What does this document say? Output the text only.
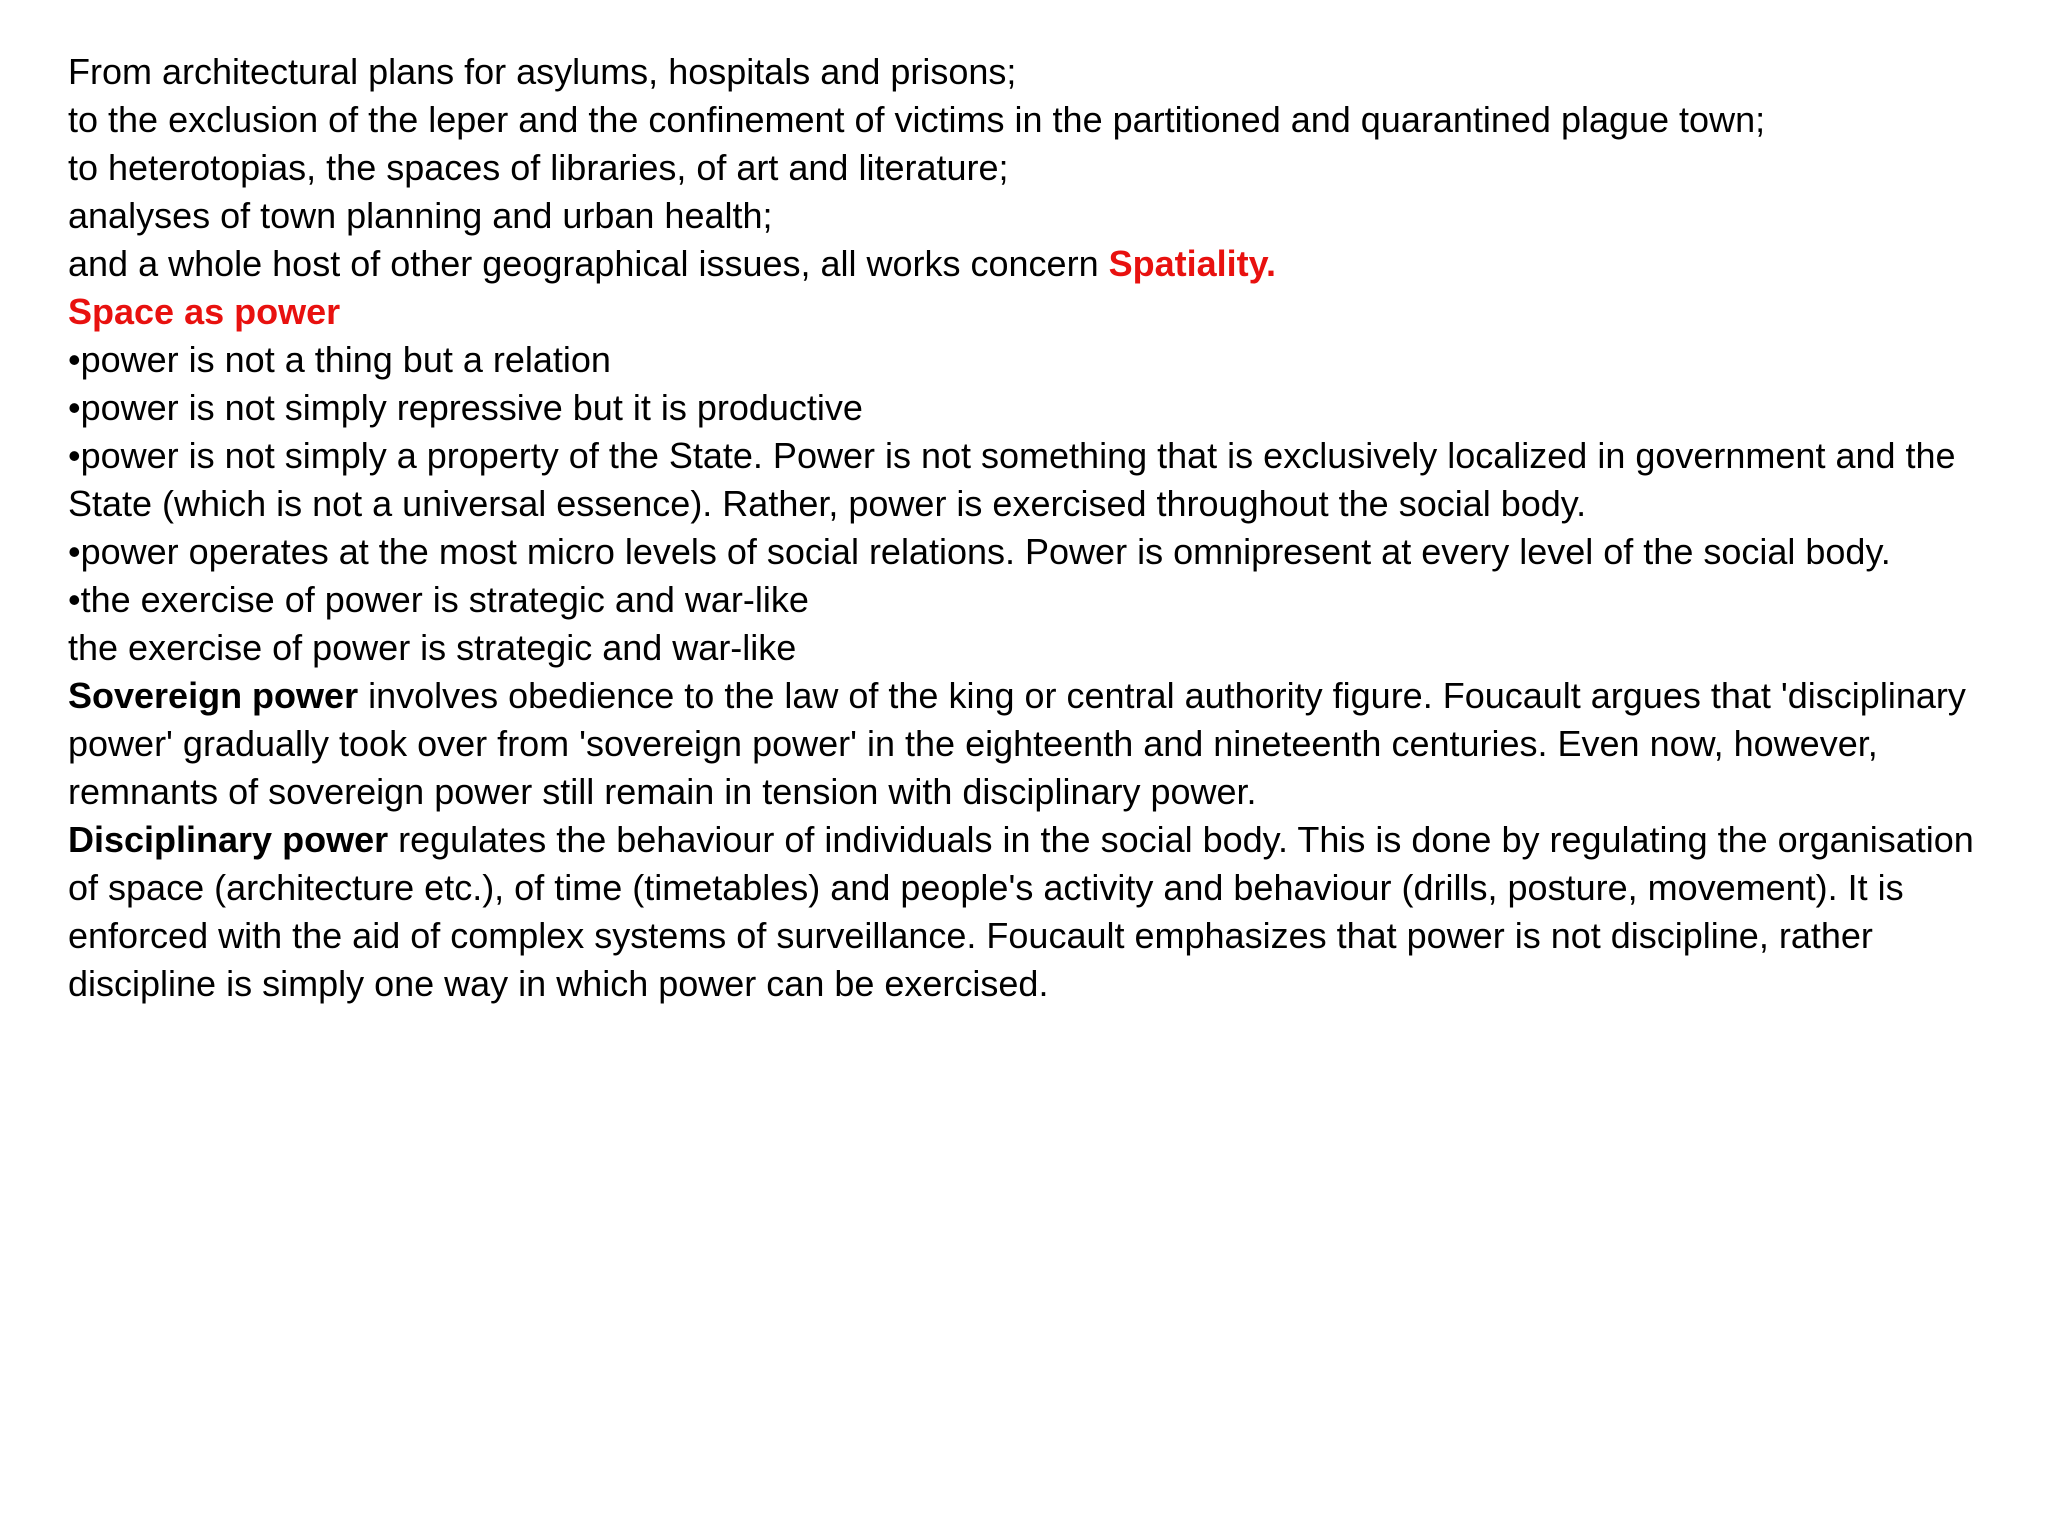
From architectural plans for asylums, hospitals and prisons;
to the exclusion of the leper and the confinement of victims in the partitioned and quarantined plague town;
to heterotopias, the spaces of libraries, of art and literature;
analyses of town planning and urban health;
and a whole host of other geographical issues, all works concern Spatiality.
Space as power
•power is not a thing but a relation
•power is not simply repressive but it is productive
•power is not simply a property of the State. Power is not something that is exclusively localized in government and the State (which is not a universal essence). Rather, power is exercised throughout the social body.
•power operates at the most micro levels of social relations. Power is omnipresent at every level of the social body.
•the exercise of power is strategic and war-like
the exercise of power is strategic and war-like
Sovereign power involves obedience to the law of the king or central authority figure. Foucault argues that 'disciplinary power' gradually took over from 'sovereign power' in the eighteenth and nineteenth centuries. Even now, however, remnants of sovereign power still remain in tension with disciplinary power.
Disciplinary power regulates the behaviour of individuals in the social body. This is done by regulating the organisation of space (architecture etc.), of time (timetables) and people's activity and behaviour (drills, posture, movement). It is enforced with the aid of complex systems of surveillance. Foucault emphasizes that power is not discipline, rather discipline is simply one way in which power can be exercised.
